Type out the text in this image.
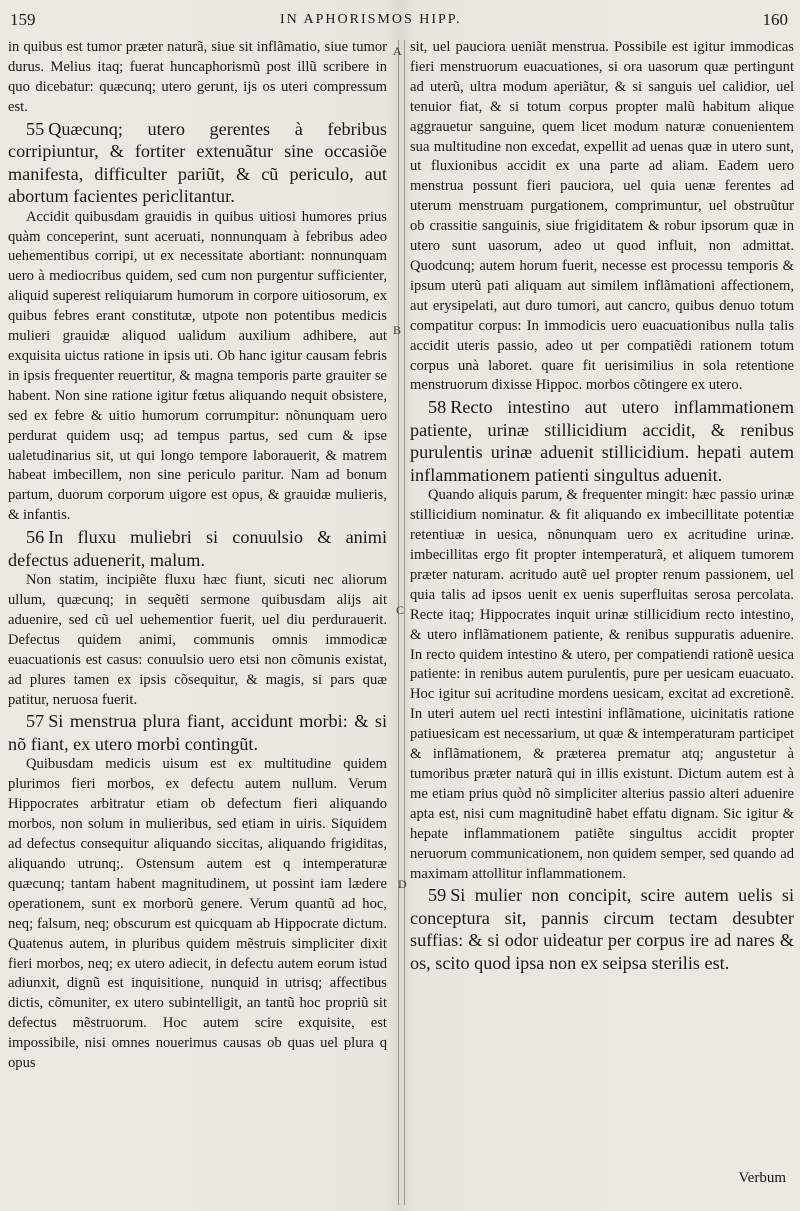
159	IN APHORISMOS HIPP.	160
A
B
C
D

in quibus est tumor præter naturã, siue sit inflãmatio, siue tumor durus. Melius itaq; fuerat huncaphorismũ post illũ scribere in quo dicebatur: quæcunq; utero gerunt, ijs os uteri compressum est.

55 Quæcunq; utero gerentes à febribus corripiuntur, & fortiter extenuãtur sine occasiõe manifesta, difficulter pariũt, & cũ periculo, aut abortum facientes periclitantur.

Accidit quibusdam grauidis in quibus uitiosi humores prius quàm conceperint, sunt aceruati, nonnunquam à febribus adeo uehementibus corripi, ut ex necessitate abortiant: nonnunquam uero à mediocribus quidem, sed cum non purgentur sufficienter, aliquid superest reliquiarum humorum in corpore uitiosorum, ex quibus febres erant constitutæ, utpote non potentibus medicis mulieri grauidæ aliquod ualidum auxilium adhibere, aut exquisita uictus ratione in ipsis uti. Ob hanc igitur causam febris in ipsis frequenter reuertitur, & magna temporis parte grauiter se habent. Non sine ratione igitur fœtus aliquando nequit obsistere, sed ex febre & uitio humorum corrumpitur: nõnunquam uero perdurat quidem usq; ad tempus partus, sed cum & ipse ualetudinarius sit, ut qui longo tempore laborauerit, & matrem habeat imbecillem, non sine periculo paritur. Nam ad bonum partum, duorum corporum uigore est opus, & grauidæ mulieris, & infantis.

56 In fluxu muliebri si conuulsio & animi defectus aduenerit, malum.

Non statim, incipiẽte fluxu hæc fiunt, sicuti nec aliorum ullum, quæcunq; in sequẽti sermone quibusdam alijs ait aduenire, sed cũ uel uehementior fuerit, uel diu perdurauerit. Defectus quidem animi, communis omnis immodicæ euacuationis est casus: conuulsio uero etsi non cõmunis existat, ad plures tamen ex ipsis cõsequitur, & magis, si pars quæ patitur, neruosa fuerit.

57 Si menstrua plura fiant, accidunt morbi: & si nõ fiant, ex utero morbi contingũt.

Quibusdam medicis uisum est ex multitudine quidem plurimos fieri morbos, ex defectu autem nullum. Verum Hippocrates arbitratur etiam ob defectum fieri aliquando morbos, non solum in mulieribus, sed etiam in uiris. Siquidem ad defectus consequitur aliquando siccitas, aliquando frigiditas, aliquando utrunq;. Ostensum autem est q intemperaturæ quæcunq; tantam habent magnitudinem, ut possint iam lædere operationem, sunt ex morborũ genere. Verum quantũ ad hoc, neq; falsum, neq; obscurum est quicquam ab Hippocrate dictum. Quatenus autem, in pluribus quidem mẽstruis simpliciter dixit fieri morbos, neq; ex utero adiecit, in defectu autem eorum istud adiunxit, dignũ est inquisitione, nunquid in utrisq; affectibus dictis, cõmuniter, ex utero subintelligit, an tantũ hoc propriũ sit defectus mẽstruorum. Hoc autem scire exquisite, est impossibile, nisi omnes nouerimus causas ob quas uel plura q opus

sit, uel pauciora ueniãt menstrua. Possibile est igitur immodicas fieri menstruorum euacuationes, si ora uasorum quæ pertingunt ad uterũ, ultra modum aperiãtur, & si sanguis uel calidior, uel tenuior fiat, & si totum corpus propter malũ habitum alique aggrauetur sanguine, quem licet modum naturæ conuenientem sua multitudine non excedat, expellit ad uenas quæ in utero sunt, ut fluxionibus accidit ex una parte ad aliam. Eadem uero menstrua possunt fieri pauciora, uel quia uenæ ferentes ad uterum menstruam purgationem, comprimuntur, uel obstruũtur ob crassitie sanguinis, siue frigiditatem & robur ipsorum quæ in utero sunt uasorum, adeo ut quod influit, non admittat. Quodcunq; autem horum fuerit, necesse est processu temporis & ipsum uterũ pati aliquam aut similem inflãmationi affectionem, aut erysipelati, aut duro tumori, aut cancro, quibus denuo totum compatitur corpus: In immodicis uero euacuationibus nulla talis accidit uteris passio, adeo ut per compatiẽdi rationem totum corpus unà laboret. quare fit uerisimilius in sola retentione menstruorum dixisse Hippoc. morbos cõtingere ex utero.

58 Recto intestino aut utero inflammationem patiente, urinæ stillicidium accidit, & renibus purulentis urinæ aduenit stillicidium. hepati autem inflammationem patienti singultus aduenit.

Quando aliquis parum, & frequenter mingit: hæc passio urinæ stillicidium nominatur. & fit aliquando ex imbecillitate potentiæ retentiuæ in uesica, nõnunquam uero ex acritudine urinæ. imbecillitas ergo fit propter intemperaturã, et aliquem tumorem præter naturam. acritudo autẽ uel propter renum passionem, uel quia talis ad ipsos uenit ex uenis superfluitas serosa percolata. Recte itaq; Hippocrates inquit urinæ stillicidium recto intestino, & utero inflãmationem patiente, & renibus suppuratis aduenire. In recto quidem intestino & utero, per compatiendi rationẽ uesica patiente: in renibus autem purulentis, pure per uesicam euacuato. Hoc igitur sui acritudine mordens uesicam, excitat ad excretionẽ. In uteri autem uel recti intestini inflãmatione, uicinitatis ratione patiuesicam est necessarium, ut quæ & intemperaturam participet & inflãmationem, & præterea prematur atq; angustetur à tumoribus præter naturã qui in illis existunt. Dictum autem est à me etiam prius quòd nõ simpliciter alterius passio alteri aduenire apta est, nisi cum magnitudinẽ habet effatu dignam. Sic igitur & hepate inflammationem patiẽte singultus accidit propter neruorum communicationem, non quidem semper, sed quando ad maximam attollitur inflammationem.

59 Si mulier non concipit, scire autem uelis si conceptura sit, pannis circum tectam desubter suffias: & si odor uideatur per corpus ire ad nares & os, scito quod ipsa non ex seipsa sterilis est.

Verbum
